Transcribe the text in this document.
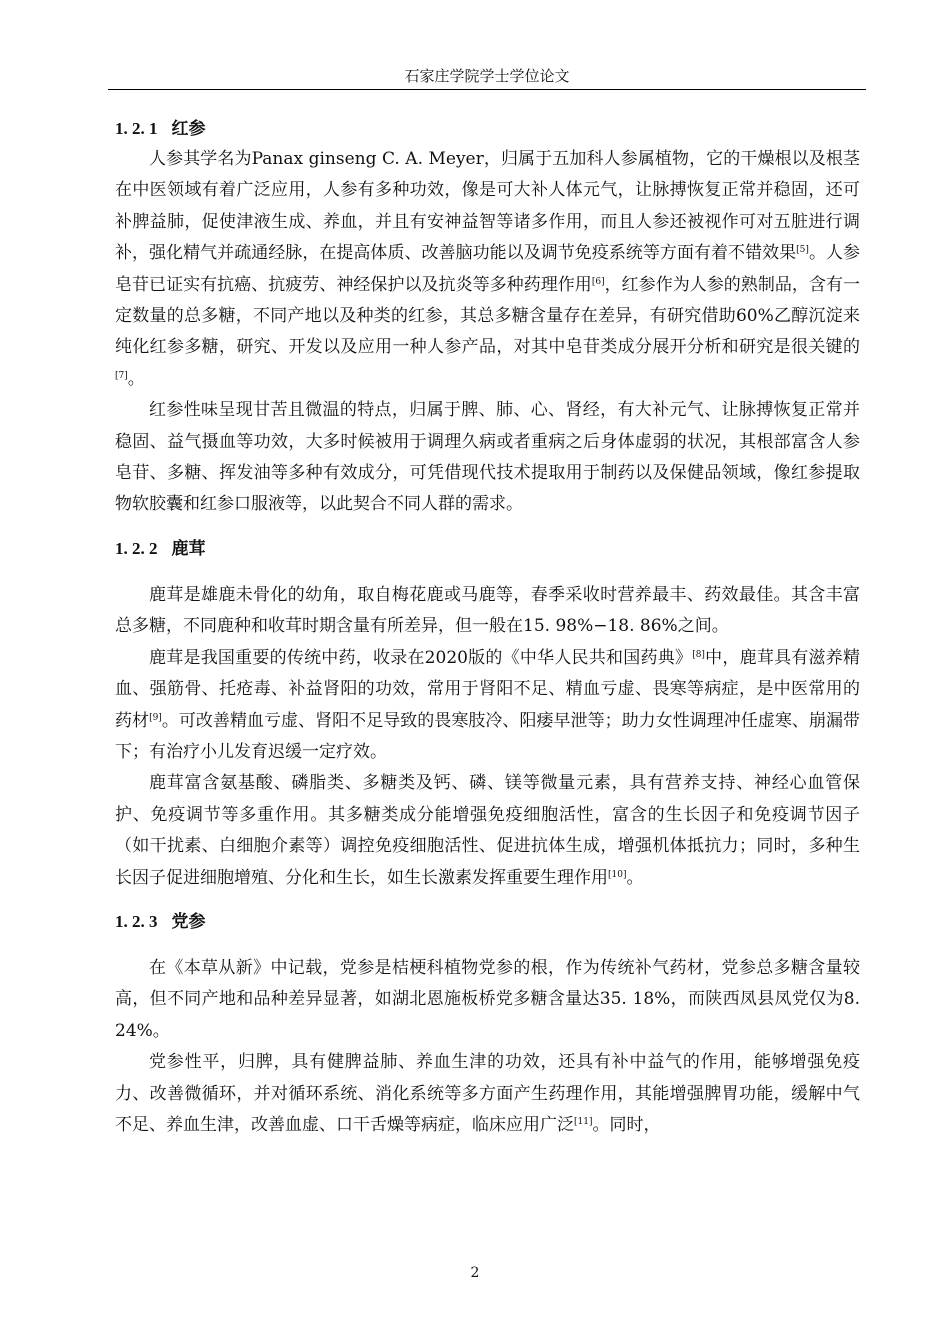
石家庄学院学士学位论文
1. 2. 1 红参

人参其学名为Panax ginseng C. A. Meyer，归属于五加科人参属植物，它的干燥根以及根茎在中医领域有着广泛应用，人参有多种功效，像是可大补人体元气，让脉搏恢复正常并稳固，还可补脾益肺，促使津液生成、养血，并且有安神益智等诸多作用，而且人参还被视作可对五脏进行调补，强化精气并疏通经脉，在提高体质、改善脑功能以及调节免疫系统等方面有着不错效果[5]。人参皂苷已证实有抗癌、抗疲劳、神经保护以及抗炎等多种药理作用[6]，红参作为人参的熟制品，含有一定数量的总多糖，不同产地以及种类的红参，其总多糖含量存在差异，有研究借助60%乙醇沉淀来纯化红参多糖，研究、开发以及应用一种人参产品，对其中皂苷类成分展开分析和研究是很关键的[7]。

红参性味呈现甘苦且微温的特点，归属于脾、肺、心、肾经，有大补元气、让脉搏恢复正常并稳固、益气摄血等功效，大多时候被用于调理久病或者重病之后身体虚弱的状况，其根部富含人参皂苷、多糖、挥发油等多种有效成分，可凭借现代技术提取用于制药以及保健品领域，像红参提取物软胶囊和红参口服液等，以此契合不同人群的需求。

1. 2. 2 鹿茸

鹿茸是雄鹿未骨化的幼角，取自梅花鹿或马鹿等，春季采收时营养最丰、药效最佳。其含丰富总多糖，不同鹿种和收茸时期含量有所差异，但一般在15. 98%−18. 86%之间。

鹿茸是我国重要的传统中药，收录在2020版的《中华人民共和国药典》[8]中，鹿茸具有滋养精血、强筋骨、托疮毒、补益肾阳的功效，常用于肾阳不足、精血亏虚、畏寒等病症，是中医常用的药材[9]。可改善精血亏虚、肾阳不足导致的畏寒肢冷、阳痿早泄等；助力女性调理冲任虚寒、崩漏带下；有治疗小儿发育迟缓一定疗效。

鹿茸富含氨基酸、磷脂类、多糖类及钙、磷、镁等微量元素，具有营养支持、神经心血管保护、免疫调节等多重作用。其多糖类成分能增强免疫细胞活性，富含的生长因子和免疫调节因子（如干扰素、白细胞介素等）调控免疫细胞活性、促进抗体生成，增强机体抵抗力；同时，多种生长因子促进细胞增殖、分化和生长，如生长激素发挥重要生理作用[10]。

1. 2. 3 党参

在《本草从新》中记载，党参是桔梗科植物党参的根，作为传统补气药材，党参总多糖含量较高，但不同产地和品种差异显著，如湖北恩施板桥党多糖含量达35. 18%，而陕西凤县凤党仅为8. 24%。

党参性平，归脾，具有健脾益肺、养血生津的功效，还具有补中益气的作用，能够增强免疫力、改善微循环，并对循环系统、消化系统等多方面产生药理作用，其能增强脾胃功能，缓解中气不足、养血生津，改善血虚、口干舌燥等病症，临床应用广泛[11]。同时，

2
